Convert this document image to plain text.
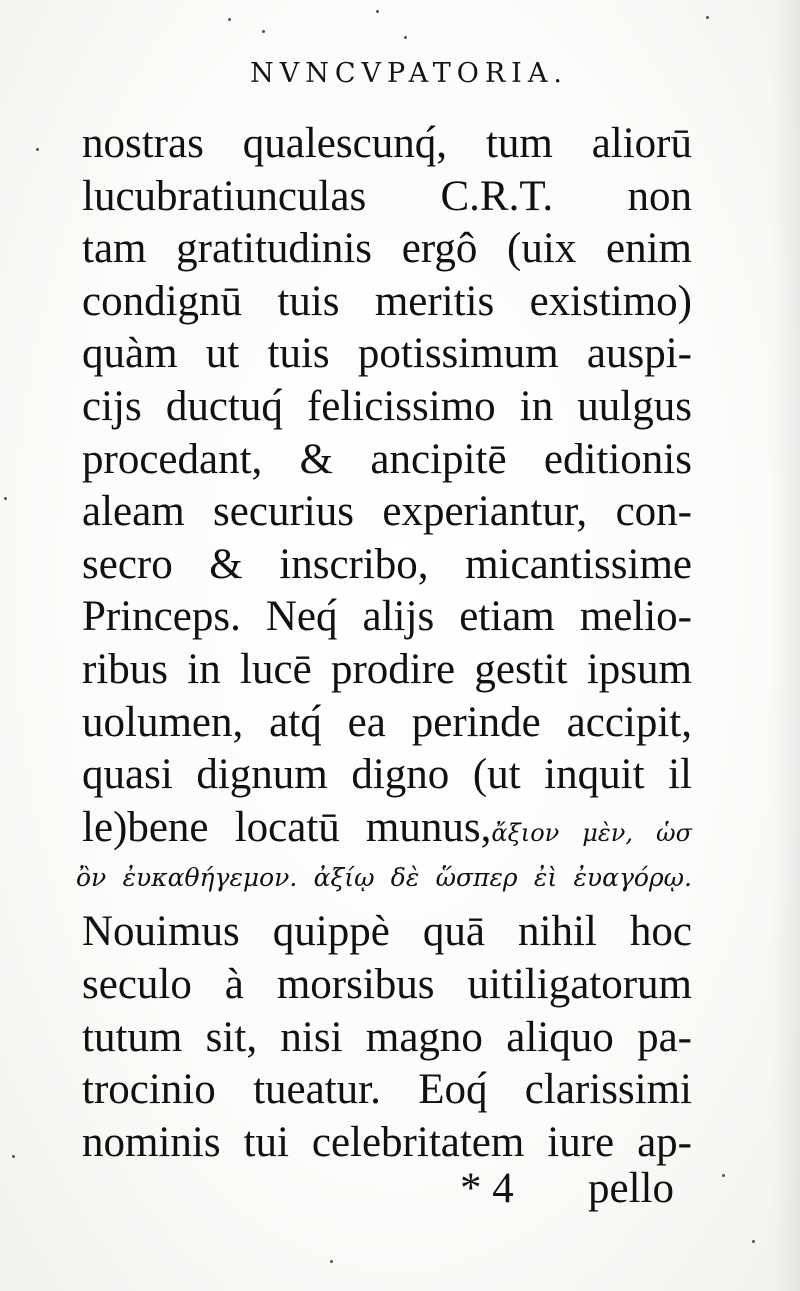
NVNCVPATORIA.
nostras qualescunq́, tum aliorū
lucubratiunculas C.R.T. non
tam gratitudinis ergô (uix enim
condignū tuis meritis existimo)
quàm ut tuis potissimum auspi-
cijs ductuq́ felicissimo in uulgus
procedant, & ancipitē editionis
aleam securius experiantur, con-
secro & inscribo, micantissime
Princeps. Neq́ alijs etiam melio-
ribus in lucē prodire gestit ipsum
uolumen, atq́ ea perinde accipit,
quasi dignum digno (ut inquit il
le)bene locatū munus,ἄξιον μὲν, ὡσ
ὂν ἐυκαθήγεμον. ἀξίῳ δὲ ὥσπερ ἐὶ ἐυαγόρῳ.
Nouimus quippè quā nihil hoc
seculo à morsibus uitiligatorum
tutum sit, nisi magno aliquo pa-
trocinio tueatur. Eoq́ clarissimi
nominis tui celebritatem iure ap-
* 4 pello
